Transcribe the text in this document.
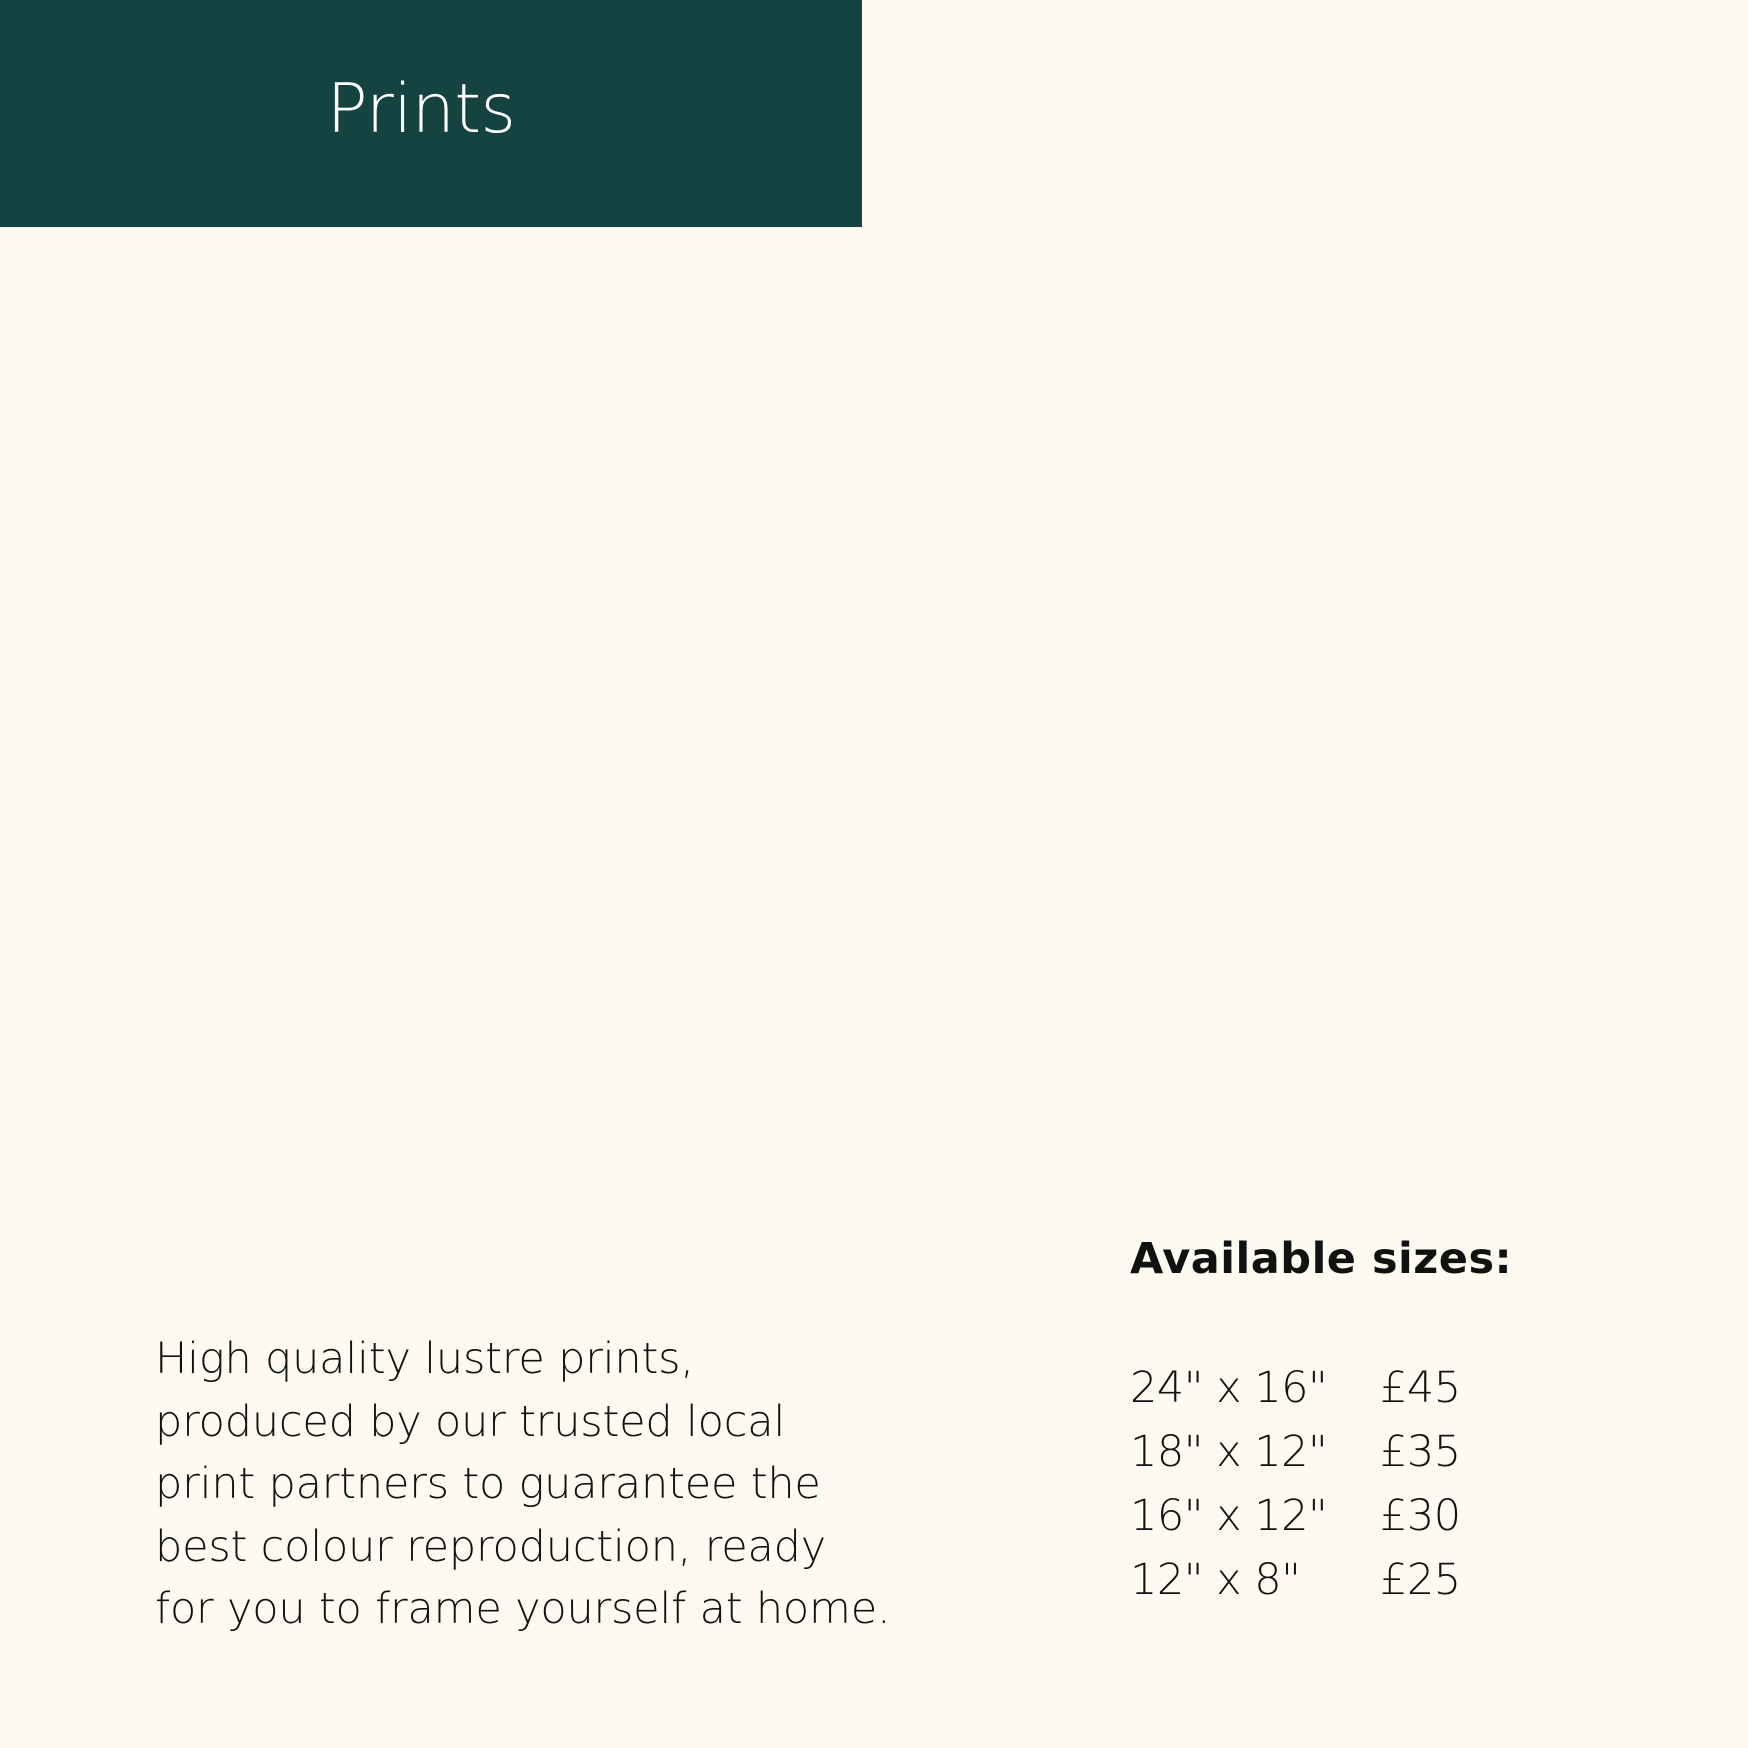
Prints
High quality lustre prints,
produced by our trusted local
print partners to guarantee the
best colour reproduction, ready
for you to frame yourself at home.
Available sizes:
24" x 16"	£45
18" x 12"	£35
16" x 12"	£30
12" x 8"	£25
